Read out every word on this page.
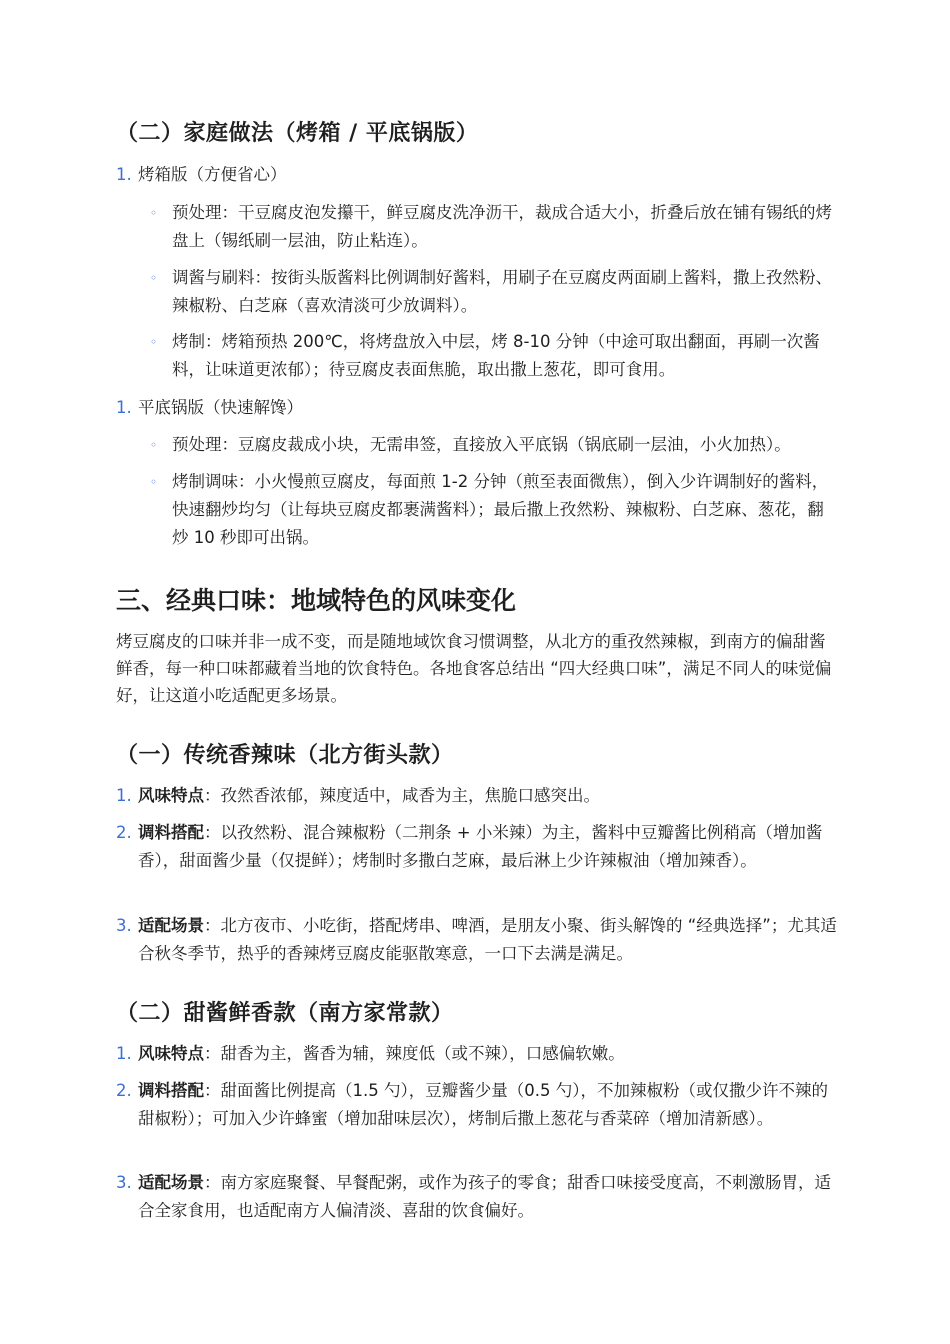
（二）家庭做法（烤箱 / 平底锅版）
1. 烤箱版（方便省心）
◦ 预处理：干豆腐皮泡发攥干，鲜豆腐皮洗净沥干，裁成合适大小，折叠后放在铺有锡纸的烤盘上（锡纸刷一层油，防止粘连）。
◦ 调酱与刷料：按街头版酱料比例调制好酱料，用刷子在豆腐皮两面刷上酱料，撒上孜然粉、辣椒粉、白芝麻（喜欢清淡可少放调料）。
◦ 烤制：烤箱预热 200℃，将烤盘放入中层，烤 8-10 分钟（中途可取出翻面，再刷一次酱料，让味道更浓郁）；待豆腐皮表面焦脆，取出撒上葱花，即可食用。
1. 平底锅版（快速解馋）
◦ 预处理：豆腐皮裁成小块，无需串签，直接放入平底锅（锅底刷一层油，小火加热）。
◦ 烤制调味：小火慢煎豆腐皮，每面煎 1-2 分钟（煎至表面微焦），倒入少许调制好的酱料，快速翻炒均匀（让每块豆腐皮都裹满酱料）；最后撒上孜然粉、辣椒粉、白芝麻、葱花，翻炒 10 秒即可出锅。
三、经典口味：地域特色的风味变化

烤豆腐皮的口味并非一成不变，而是随地域饮食习惯调整，从北方的重孜然辣椒，到南方的偏甜酱鲜香，每一种口味都藏着当地的饮食特色。各地食客总结出 “四大经典口味”，满足不同人的味觉偏好，让这道小吃适配更多场景。

（一）传统香辣味（北方街头款）
1. 风味特点：孜然香浓郁，辣度适中，咸香为主，焦脆口感突出。
2. 调料搭配：以孜然粉、混合辣椒粉（二荆条 + 小米辣）为主，酱料中豆瓣酱比例稍高（增加酱香），甜面酱少量（仅提鲜）；烤制时多撒白芝麻，最后淋上少许辣椒油（增加辣香）。
3. 适配场景：北方夜市、小吃街，搭配烤串、啤酒，是朋友小聚、街头解馋的 “经典选择”；尤其适合秋冬季节，热乎的香辣烤豆腐皮能驱散寒意，一口下去满是满足。
（二）甜酱鲜香款（南方家常款）
1. 风味特点：甜香为主，酱香为辅，辣度低（或不辣），口感偏软嫩。
2. 调料搭配：甜面酱比例提高（1.5 勺），豆瓣酱少量（0.5 勺），不加辣椒粉（或仅撒少许不辣的甜椒粉）；可加入少许蜂蜜（增加甜味层次），烤制后撒上葱花与香菜碎（增加清新感）。
3. 适配场景：南方家庭聚餐、早餐配粥，或作为孩子的零食；甜香口味接受度高，不刺激肠胃，适合全家食用，也适配南方人偏清淡、喜甜的饮食偏好。
